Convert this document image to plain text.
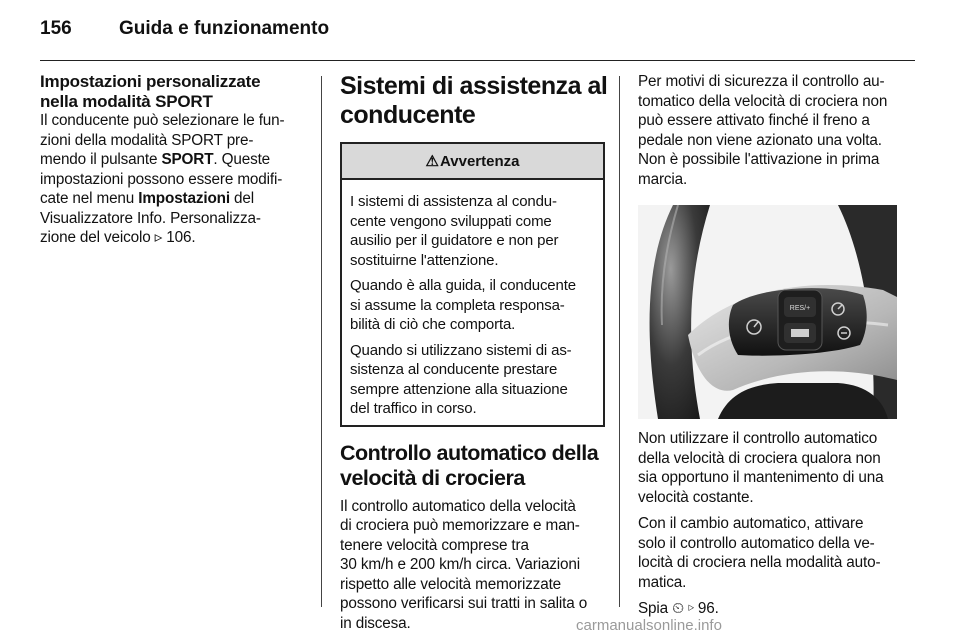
156 Guida e funzionamento
Impostazioni personalizzate
nella modalità SPORT

Il conducente può selezionare le fun-
zioni della modalità SPORT pre-
mendo il pulsante SPORT. Queste
impostazioni possono essere modifi-
cate nel menu Impostazioni del
Visualizzatore Info. Personalizza-
zione del veicolo ▹ 106.

Sistemi di assistenza al
conducente
⚠ Avvertenza

I sistemi di assistenza al condu-
cente vengono sviluppati come
ausilio per il guidatore e non per
sostituirne l'attenzione.

Quando è alla guida, il conducente
si assume la completa responsa-
bilità di ciò che comporta.

Quando si utilizzano sistemi di as-
sistenza al conducente prestare
sempre attenzione alla situazione
del traffico in corso.

Controllo automatico della
velocità di crociera

Il controllo automatico della velocità
di crociera può memorizzare e man-
tenere velocità comprese tra
30 km/h e 200 km/h circa. Variazioni
rispetto alle velocità memorizzate
possono verificarsi sui tratti in salita o
in discesa.

Per motivi di sicurezza il controllo au-
tomatico della velocità di crociera non
può essere attivato finché il freno a
pedale non viene azionato una volta.
Non è possibile l'attivazione in prima
marcia.

RES/+

Non utilizzare il controllo automatico
della velocità di crociera qualora non
sia opportuno il mantenimento di una
velocità costante.

Con il cambio automatico, attivare
solo il controllo automatico della ve-
locità di crociera nella modalità auto-
matica.

Spia ⏲ ▹ 96.

carmanualsonline.info
